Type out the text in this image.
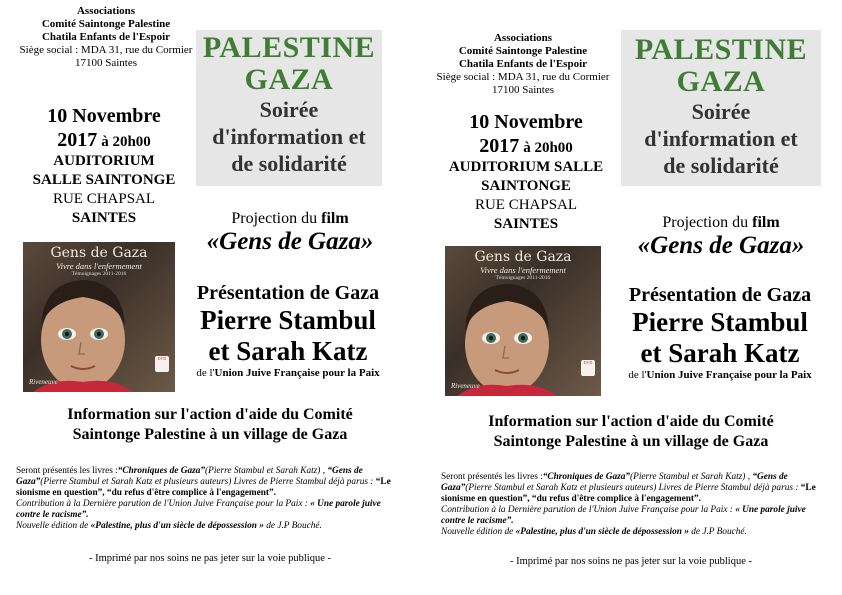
Associations
Comité Saintonge Palestine
Chatila Enfants de l'Espoir
Siège social : MDA 31, rue du Cormier
17100 Saintes	PALESTINE
GAZA
Soirée
d'information et
de solidarité
10 Novembre
2017 à 20h00
AUDITORIUM
SALLE SAINTONGE
RUE CHAPSAL
SAINTES	Projection du film
«Gens de Gaza»
Gens de Gaza
Vivre dans l'enfermement
Témoignages 2011-2016
DVD
Riveneuve
Présentation de Gaza
Pierre Stambul
et Sarah Katz
de l'Union Juive Française pour la Paix
Information sur l'action d'aide du Comité
Saintonge Palestine à un village de Gaza
Seront présentés les livres :“Chroniques de Gaza”(Pierre Stambul et Sarah Katz) , “Gens de Gaza”(Pierre Stambul et Sarah Katz et plusieurs auteurs) Livres de Pierre Stambul déjà parus : “Le sionisme en question”, “du refus d'être complice à l'engagement”.
Contribution à la Dernière parution de l'Union Juive Française pour la Paix : « Une parole juive contre le racisme”.
Nouvelle édition de «Palestine, plus d'un siècle de dépossession » de J.P Bouché.
- Imprimé par nos soins ne pas jeter sur la voie publique -
Associations
Comité Saintonge Palestine
Chatila Enfants de l'Espoir
Siège social : MDA 31, rue du Cormier
17100 Saintes
PALESTINE
GAZA
Soirée
d'information et
de solidarité
10 Novembre
2017 à 20h00
AUDITORIUM SALLE
SAINTONGE
RUE CHAPSAL
SAINTES	Projection du film
«Gens de Gaza»
Gens de Gaza
Vivre dans l'enfermement
Témoignages 2011-2016
DVD
Riveneuve
Présentation de Gaza
Pierre Stambul
et Sarah Katz
de l'Union Juive Française pour la Paix
Information sur l'action d'aide du Comité
Saintonge Palestine à un village de Gaza
Seront présentés les livres :“Chroniques de Gaza”(Pierre Stambul et Sarah Katz) , “Gens de Gaza”(Pierre Stambul et Sarah Katz et plusieurs auteurs) Livres de Pierre Stambul déjà parus : “Le sionisme en question”, “du refus d'être complice à l'engagement”.
Contribution à la Dernière parution de l'Union Juive Française pour la Paix : « Une parole juive contre le racisme”.
Nouvelle édition de «Palestine, plus d'un siècle de dépossession » de J.P Bouché.
- Imprimé par nos soins ne pas jeter sur la voie publique -
